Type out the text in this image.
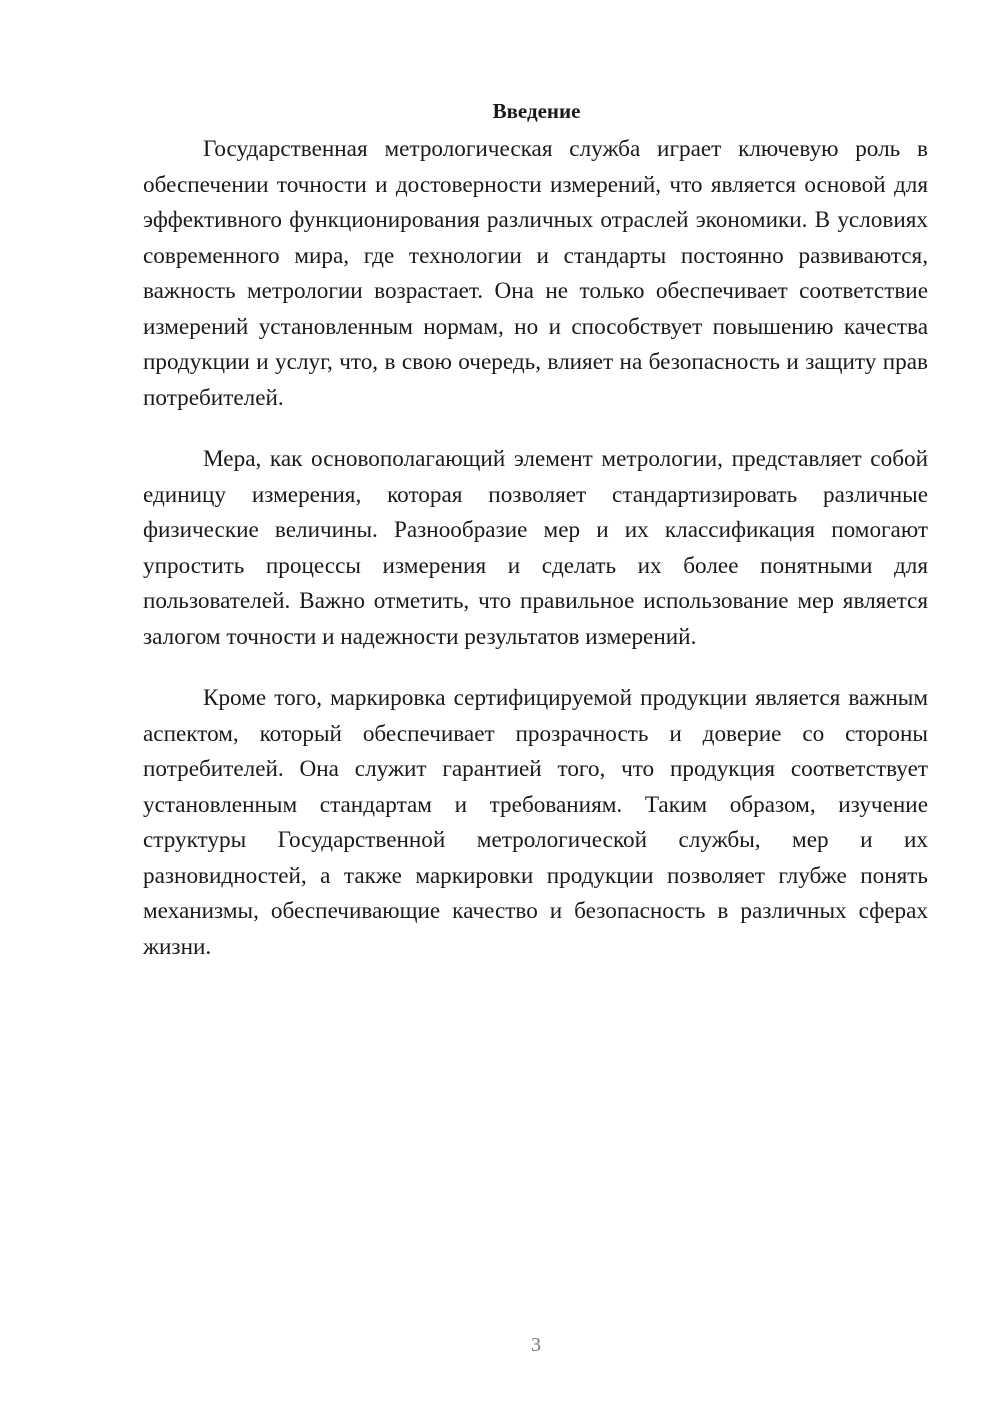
Введение

Государственная метрологическая служба играет ключевую роль в обеспечении точности и достоверности измерений, что является основой для эффективного функционирования различных отраслей экономики. В условиях современного мира, где технологии и стандарты постоянно развиваются, важность метрологии возрастает. Она не только обеспечивает соответствие измерений установленным нормам, но и способствует повышению качества продукции и услуг, что, в свою очередь, влияет на безопасность и защиту прав потребителей.

Мера, как основополагающий элемент метрологии, представляет собой единицу измерения, которая позволяет стандартизировать различные физические величины. Разнообразие мер и их классификация помогают упростить процессы измерения и сделать их более понятными для пользователей. Важно отметить, что правильное использование мер является залогом точности и надежности результатов измерений.

Кроме того, маркировка сертифицируемой продукции является важным аспектом, который обеспечивает прозрачность и доверие со стороны потребителей. Она служит гарантией того, что продукция соответствует установленным стандартам и требованиям. Таким образом, изучение структуры Государственной метрологической службы, мер и их разновидностей, а также маркировки продукции позволяет глубже понять механизмы, обеспечивающие качество и безопасность в различных сферах жизни.

3
